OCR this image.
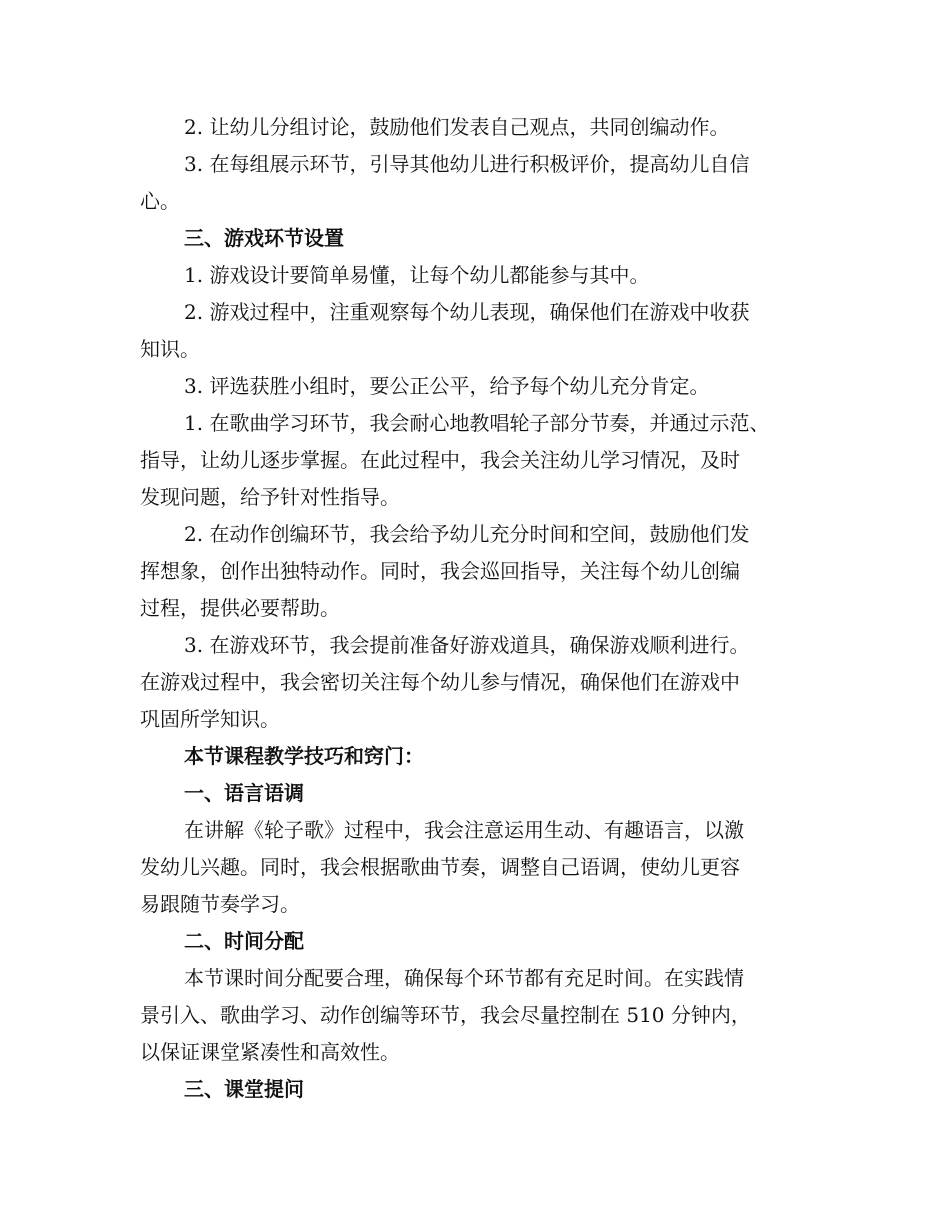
2. 让幼儿分组讨论，鼓励他们发表自己观点，共同创编动作。
3. 在每组展示环节，引导其他幼儿进行积极评价，提高幼儿自信
心。
三、游戏环节设置
1. 游戏设计要简单易懂，让每个幼儿都能参与其中。
2. 游戏过程中，注重观察每个幼儿表现，确保他们在游戏中收获
知识。
3. 评选获胜小组时，要公正公平，给予每个幼儿充分肯定。
1. 在歌曲学习环节，我会耐心地教唱轮子部分节奏，并通过示范、
指导，让幼儿逐步掌握。在此过程中，我会关注幼儿学习情况，及时
发现问题，给予针对性指导。
2. 在动作创编环节，我会给予幼儿充分时间和空间，鼓励他们发
挥想象，创作出独特动作。同时，我会巡回指导，关注每个幼儿创编
过程，提供必要帮助。
3. 在游戏环节，我会提前准备好游戏道具，确保游戏顺利进行。
在游戏过程中，我会密切关注每个幼儿参与情况，确保他们在游戏中
巩固所学知识。
本节课程教学技巧和窍门：
一、语言语调
在讲解《轮子歌》过程中，我会注意运用生动、有趣语言，以激
发幼儿兴趣。同时，我会根据歌曲节奏，调整自己语调，使幼儿更容
易跟随节奏学习。
二、时间分配
本节课时间分配要合理，确保每个环节都有充足时间。在实践情
景引入、歌曲学习、动作创编等环节，我会尽量控制在 510 分钟内，
以保证课堂紧凑性和高效性。
三、课堂提问
